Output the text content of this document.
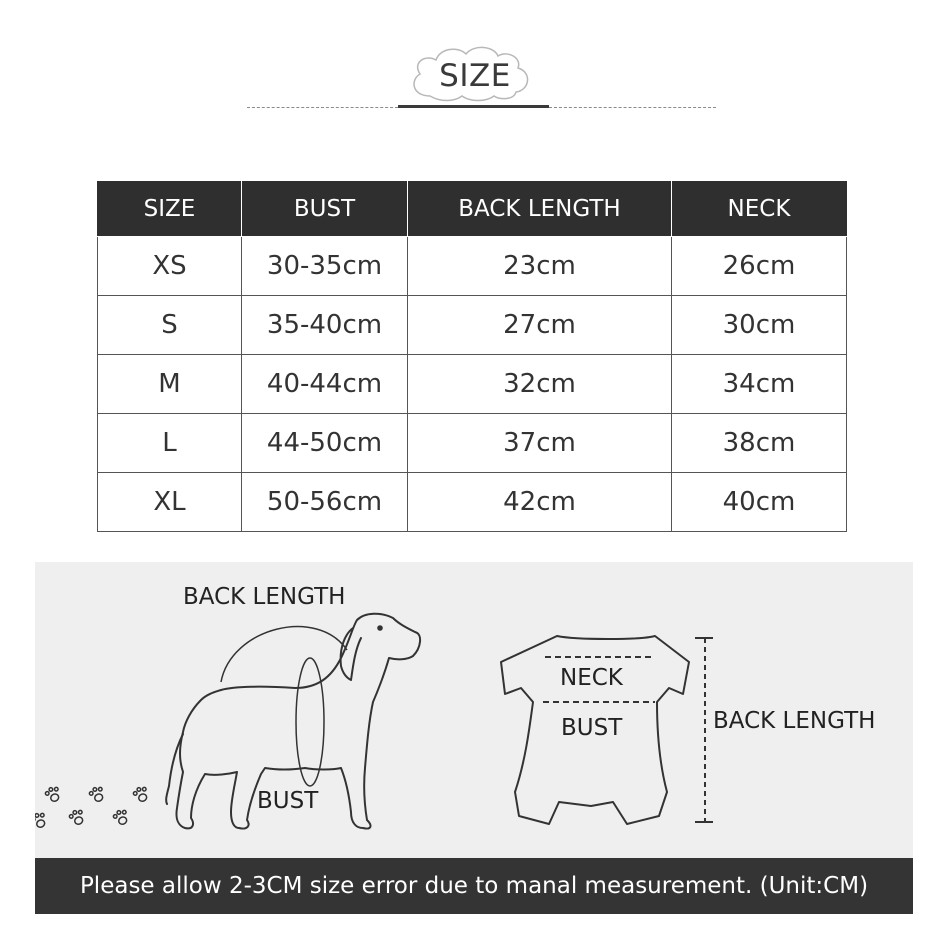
SIZE
SIZE	BUST	BACK LENGTH	NECK
XS	30-35cm	23cm	26cm
S	35-40cm	27cm	30cm
M	40-44cm	32cm	34cm
L	44-50cm	37cm	38cm
XL	50-56cm	42cm	40cm
BACK LENGTH
BUST
NECK
BUST	BACK LENGTH
Please allow 2-3CM size error due to manal measurement. (Unit:CM)
